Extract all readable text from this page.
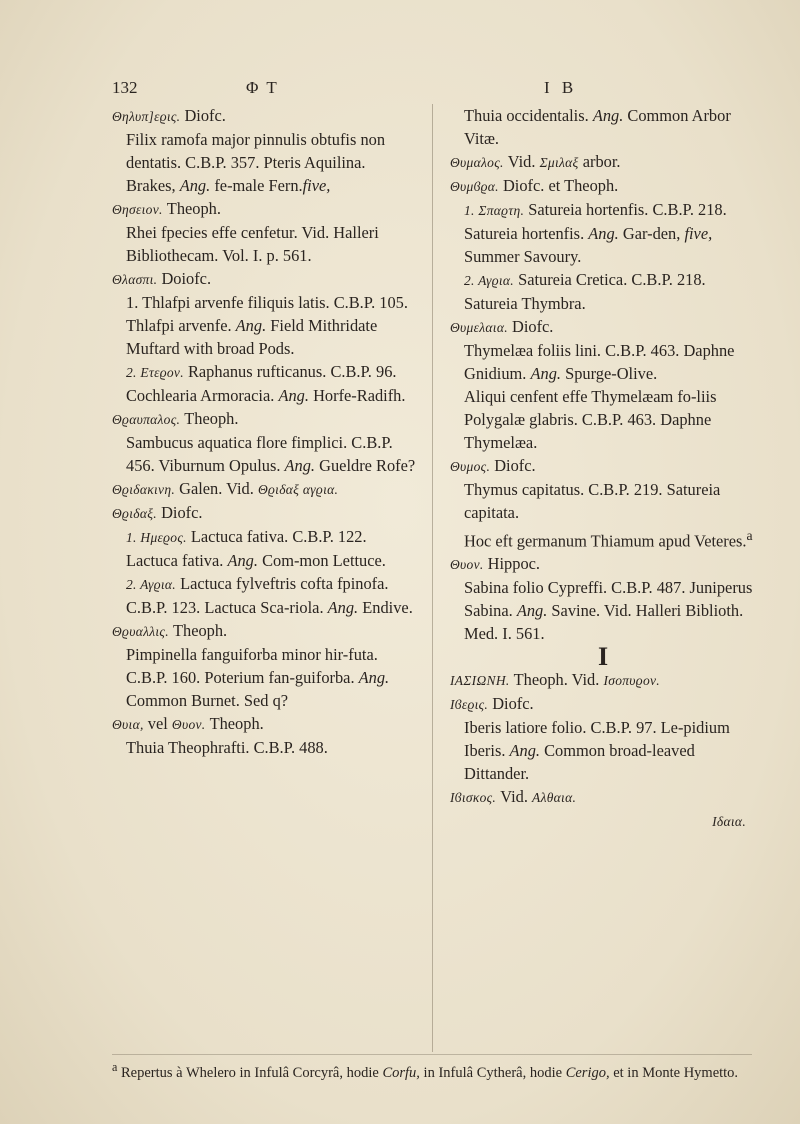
132	Φ Τ	I B

Θηλυπ]εϱις. Diofc.

Filix ramofa major pinnulis obtufis non dentatis. C.B.P. 357. Pteris Aquilina.

Brakes, Ang. fe-male Fern.five,

Θησειον. Theoph.

Rhei fpecies effe cenfetur. Vid. Halleri Bibliothecam. Vol. I. p. 561.

Θλασπι. Doiofc.

1. Thlafpi arvenfe filiquis latis. C.B.P. 105. Thlafpi arvenfe. Ang. Field Mithridate Muftard with broad Pods.

2. Ετεϱον. Raphanus rufticanus. C.B.P. 96. Cochlearia Armoracia. Ang. Horfe-Radifh.

Θϱαυπαλος. Theoph.

Sambucus aquatica flore fimplici. C.B.P. 456. Viburnum Opulus. Ang. Gueldre Rofe?

Θϱιδακινη. Galen. Vid. Θϱιδαξ αγϱια.

Θϱιδαξ. Diofc.

1. Ημεϱος. Lactuca fativa. C.B.P. 122. Lactuca fativa. Ang. Com-mon Lettuce.

2. Αγϱια. Lactuca fylveftris cofta fpinofa. C.B.P. 123. Lactuca Sca-riola. Ang. Endive.

Θϱυαλλις. Theoph.

Pimpinella fanguiforba minor hir-futa. C.B.P. 160. Poterium fan-guiforba. Ang. Common Burnet. Sed q?

Θυια, vel Θυον. Theoph.

Thuia Theophrafti. C.B.P. 488.

Thuia occidentalis. Ang. Common Arbor Vitæ.

Θυμαλος. Vid. Σμιλαξ arbor.

Θυμϐϱα. Diofc. et Theoph.

1. Σπαϱτη. Satureia hortenfis. C.B.P. 218. Satureia hortenfis. Ang. Gar-den, five, Summer Savoury.

2. Αγϱια. Satureia Cretica. C.B.P. 218. Satureia Thymbra.

Θυμελαια. Diofc.

Thymelæa foliis lini. C.B.P. 463. Daphne Gnidium. Ang. Spurge-Olive.

Aliqui cenfent effe Thymelæam fo-liis Polygalæ glabris. C.B.P. 463. Daphne Thymelæa.

Θυμος. Diofc.

Thymus capitatus. C.B.P. 219. Satureia capitata.

Hoc eft germanum Thiamum apud Veteres.$^a$

Θυον. Hippoc.

Sabina folio Cypreffi. C.B.P. 487. Juniperus Sabina. Ang. Savine. Vid. Halleri Biblioth. Med. I. 561.

I

ΙΑΣΙΩΝΗ. Theoph. Vid. Ισοπυϱον.

Ιϐεϱις. Diofc.

Iberis latiore folio. C.B.P. 97. Le-pidium Iberis. Ang. Common broad-leaved Dittander.

Ιϐισκος. Vid. Αλθαια.

Ιδαια.

$^a$ Repertus à Whelero in Infulâ Corcyrâ, hodie Corfu, in Infulâ Cytherâ, hodie Cerigo, et in Monte Hymetto.
